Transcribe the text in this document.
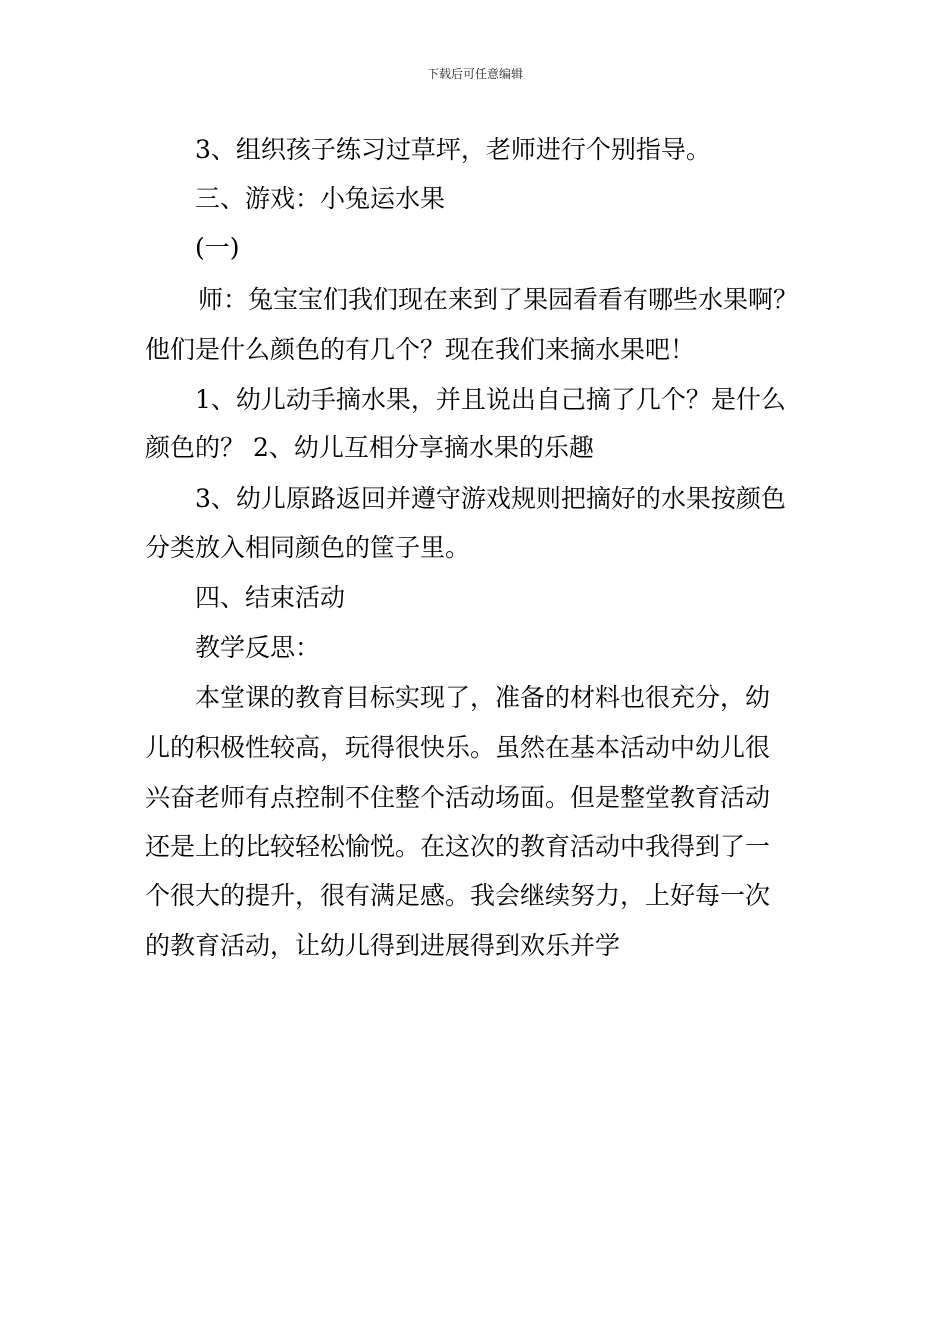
下载后可任意编辑
3、组织孩子练习过草坪，老师进行个别指导。
三、游戏：小兔运水果
(一)
师：兔宝宝们我们现在来到了果园看看有哪些水果啊？
他们是什么颜色的有几个？现在我们来摘水果吧！
1、幼儿动手摘水果，并且说出自己摘了几个？是什么
颜色的？ 2、幼儿互相分享摘水果的乐趣
3、幼儿原路返回并遵守游戏规则把摘好的水果按颜色
分类放入相同颜色的筐子里。
四、结束活动
教学反思：
本堂课的教育目标实现了，准备的材料也很充分，幼
儿的积极性较高，玩得很快乐。虽然在基本活动中幼儿很
兴奋老师有点控制不住整个活动场面。但是整堂教育活动
还是上的比较轻松愉悦。在这次的教育活动中我得到了一
个很大的提升，很有满足感。我会继续努力，上好每一次
的教育活动，让幼儿得到进展得到欢乐并学
